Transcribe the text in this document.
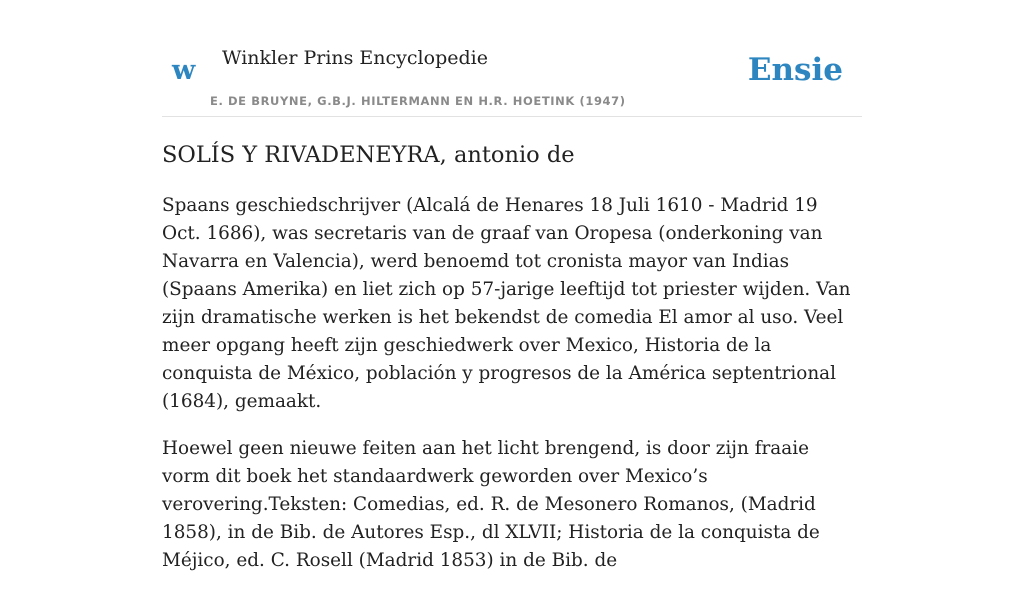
w Winkler Prins Encyclopedie
E. DE BRUYNE, G.B.J. HILTERMANN EN H.R. HOETINK (1947)
Ensie
SOLÍS Y RIVADENEYRA, antonio de

Spaans geschiedschrijver (Alcalá de Henares 18 Juli 1610 - Madrid 19 Oct. 1686), was secretaris van de graaf van Oropesa (onderkoning van Navarra en Valencia), werd benoemd tot cronista mayor van Indias (Spaans Amerika) en liet zich op 57-jarige leeftijd tot priester wijden. Van zijn dramatische werken is het bekendst de comedia El amor al uso. Veel meer opgang heeft zijn geschiedwerk over Mexico, Historia de la conquista de México, población y progresos de la América septentrional (1684), gemaakt.

Hoewel geen nieuwe feiten aan het licht brengend, is door zijn fraaie vorm dit boek het standaardwerk geworden over Mexico’s verovering.Teksten: Comedias, ed. R. de Mesonero Romanos, (Madrid 1858), in de Bib. de Autores Esp., dl XLVII; Historia de la conquista de Méjico, ed. C. Rosell (Madrid 1853) in de Bib. de
